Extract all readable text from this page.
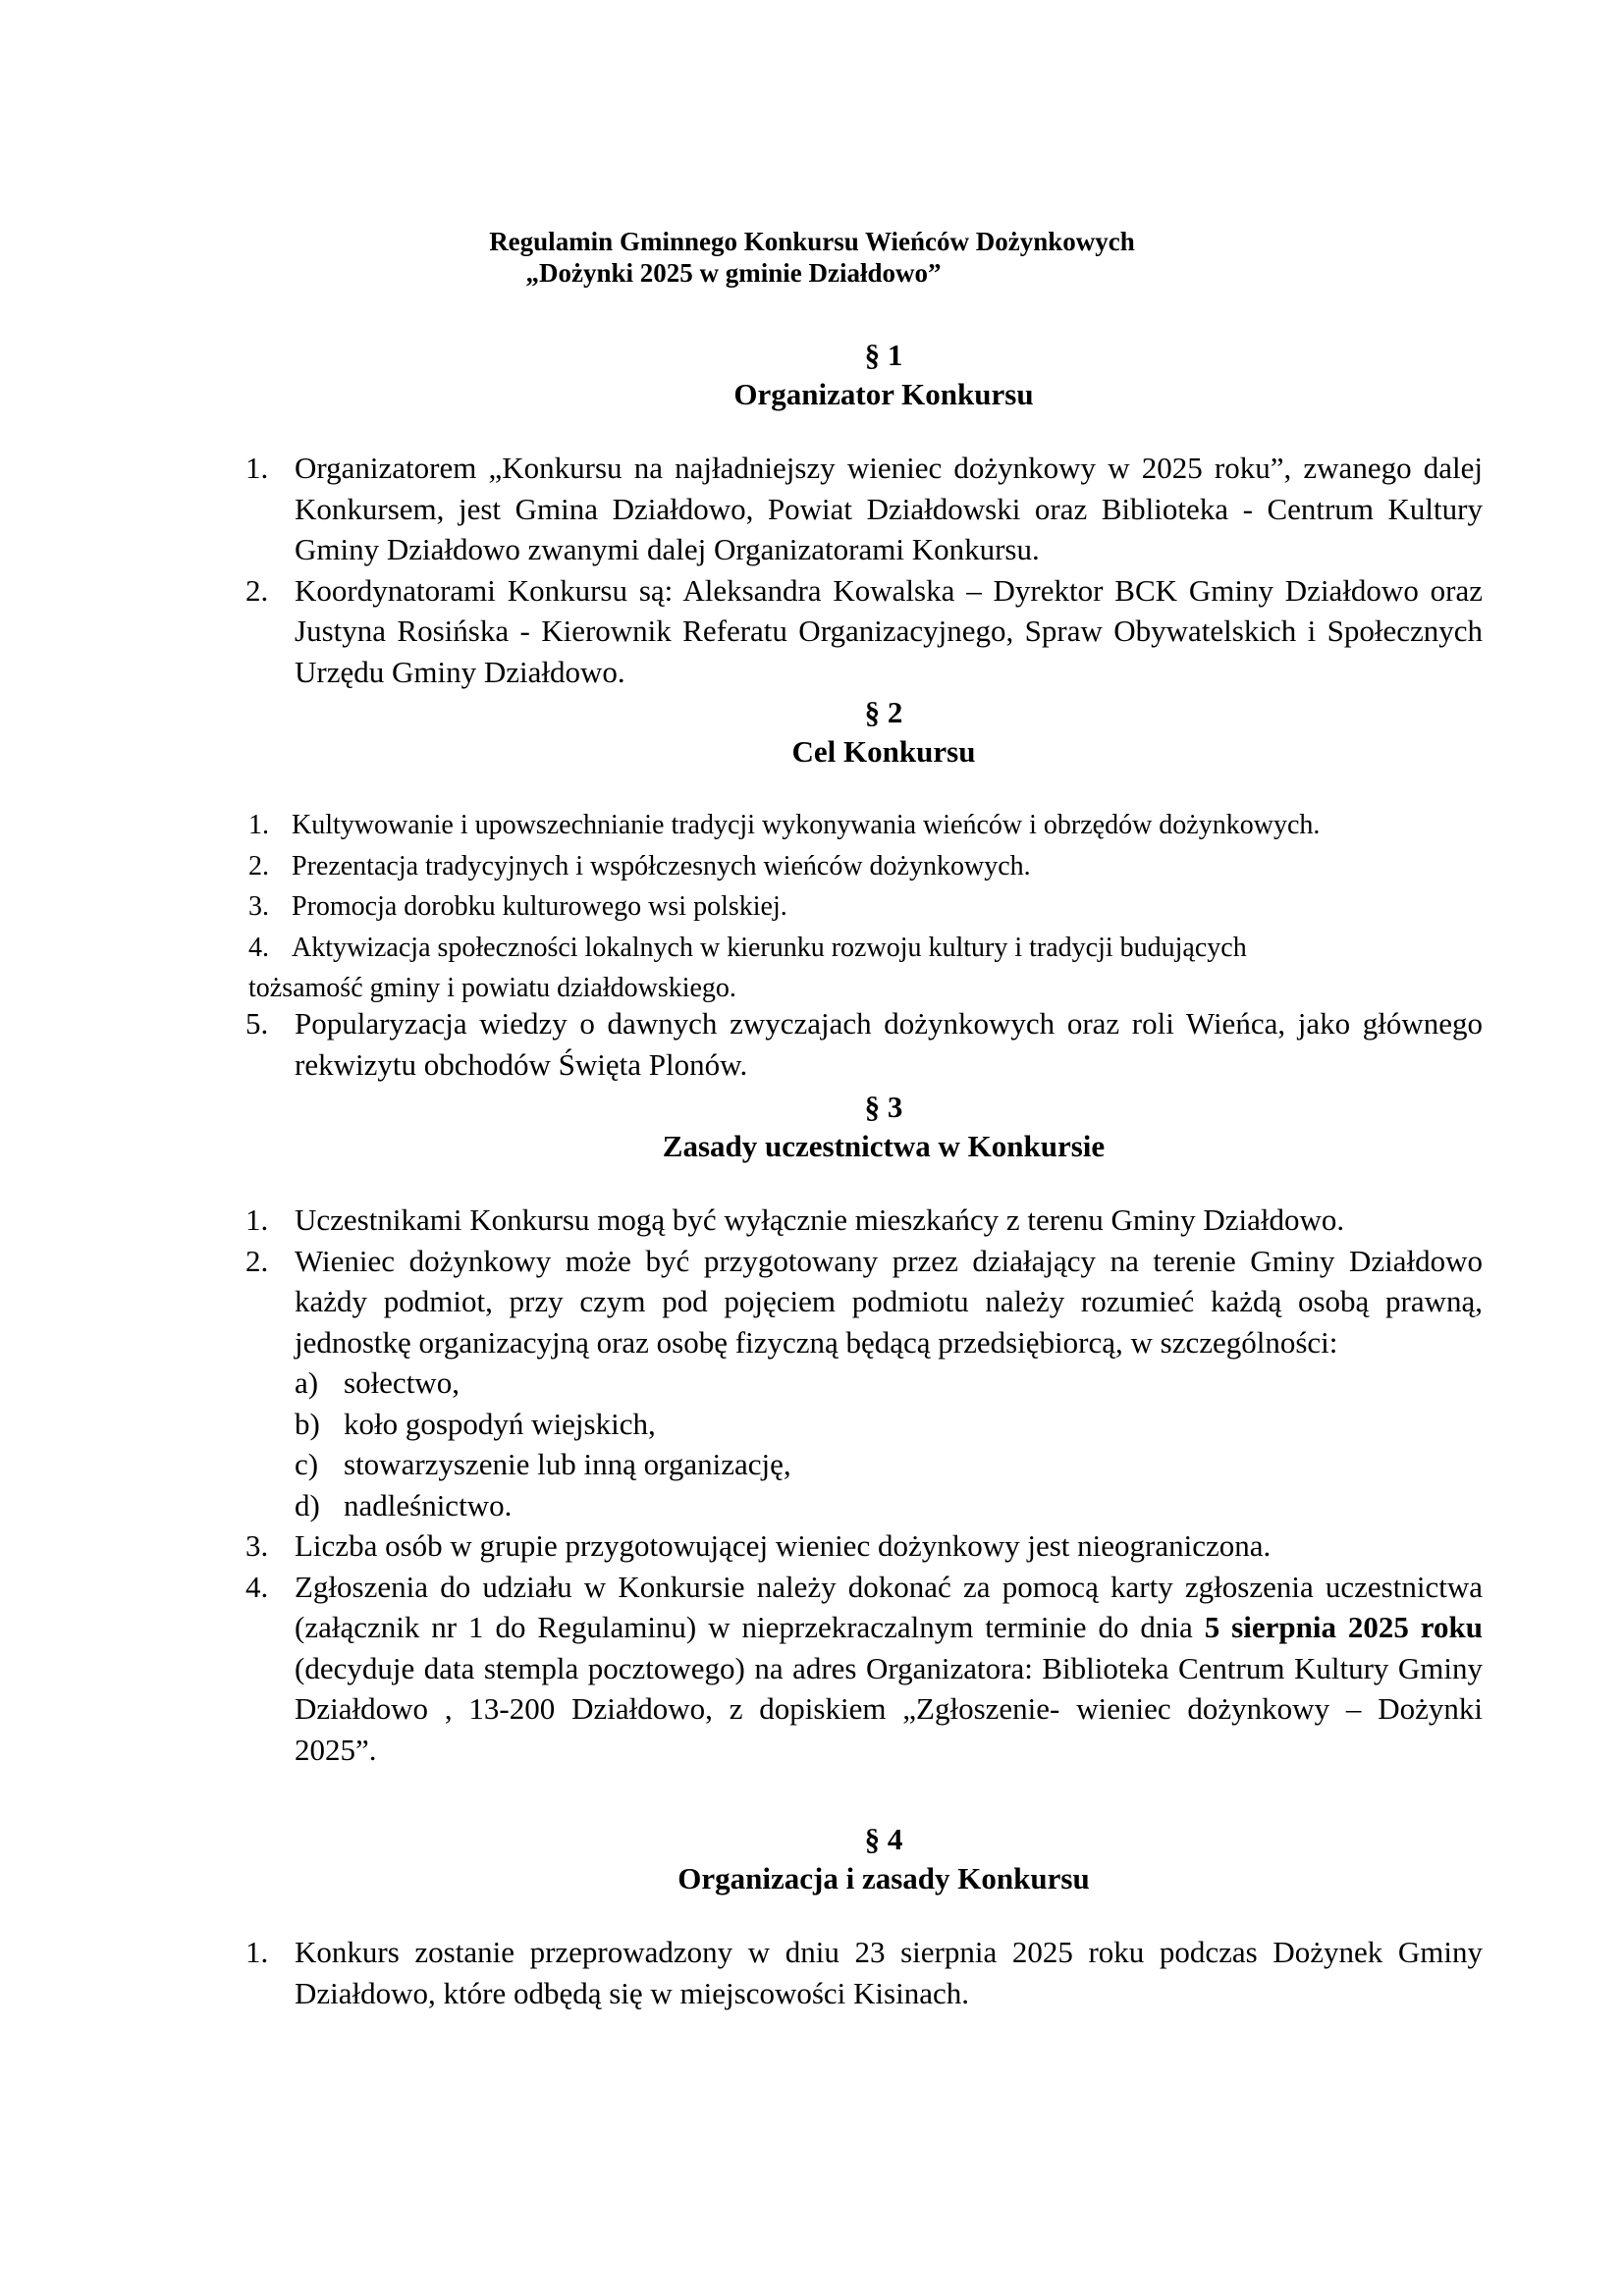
Regulamin Gminnego Konkursu Wieńców Dożynkowych

„Dożynki 2025 w gminie Działdowo”
§ 1
Organizator Konkursu
1. Organizatorem „Konkursu na najładniejszy wieniec dożynkowy w 2025 roku”, zwanego dalej Konkursem, jest Gmina Działdowo, Powiat Działdowski oraz Biblioteka - Centrum Kultury Gminy Działdowo zwanymi dalej Organizatorami Konkursu.
2. Koordynatorami Konkursu są: Aleksandra Kowalska – Dyrektor BCK Gminy Działdowo oraz Justyna Rosińska - Kierownik Referatu Organizacyjnego, Spraw Obywatelskich i Społecznych Urzędu Gminy Działdowo.
§ 2
Cel Konkursu
1. Kultywowanie i upowszechnianie tradycji wykonywania wieńców i obrzędów dożynkowych.
2. Prezentacja tradycyjnych i współczesnych wieńców dożynkowych.
3. Promocja dorobku kulturowego wsi polskiej.
4. Aktywizacja społeczności lokalnych w kierunku rozwoju kultury i tradycji budujących
tożsamość gminy i powiatu działdowskiego.
5. Popularyzacja wiedzy o dawnych zwyczajach dożynkowych oraz roli Wieńca, jako głównego rekwizytu obchodów Święta Plonów.
§ 3
Zasady uczestnictwa w Konkursie
1. Uczestnikami Konkursu mogą być wyłącznie mieszkańcy z terenu Gminy Działdowo.
2. Wieniec dożynkowy może być przygotowany przez działający na terenie Gminy Działdowo każdy podmiot, przy czym pod pojęciem podmiotu należy rozumieć każdą osobą prawną, jednostkę organizacyjną oraz osobę fizyczną będącą przedsiębiorcą, w szczególności:
a) sołectwo,
b) koło gospodyń wiejskich,
c) stowarzyszenie lub inną organizację,
d) nadleśnictwo.
3. Liczba osób w grupie przygotowującej wieniec dożynkowy jest nieograniczona.
4. Zgłoszenia do udziału w Konkursie należy dokonać za pomocą karty zgłoszenia uczestnictwa (załącznik nr 1 do Regulaminu) w nieprzekraczalnym terminie do dnia 5 sierpnia 2025 roku (decyduje data stempla pocztowego) na adres Organizatora: Biblioteka Centrum Kultury Gminy Działdowo , 13-200 Działdowo, z dopiskiem „Zgłoszenie- wieniec dożynkowy – Dożynki 2025”.
§ 4
Organizacja i zasady Konkursu
1. Konkurs zostanie przeprowadzony w dniu 23 sierpnia 2025 roku podczas Dożynek Gminy Działdowo, które odbędą się w miejscowości Kisinach.
